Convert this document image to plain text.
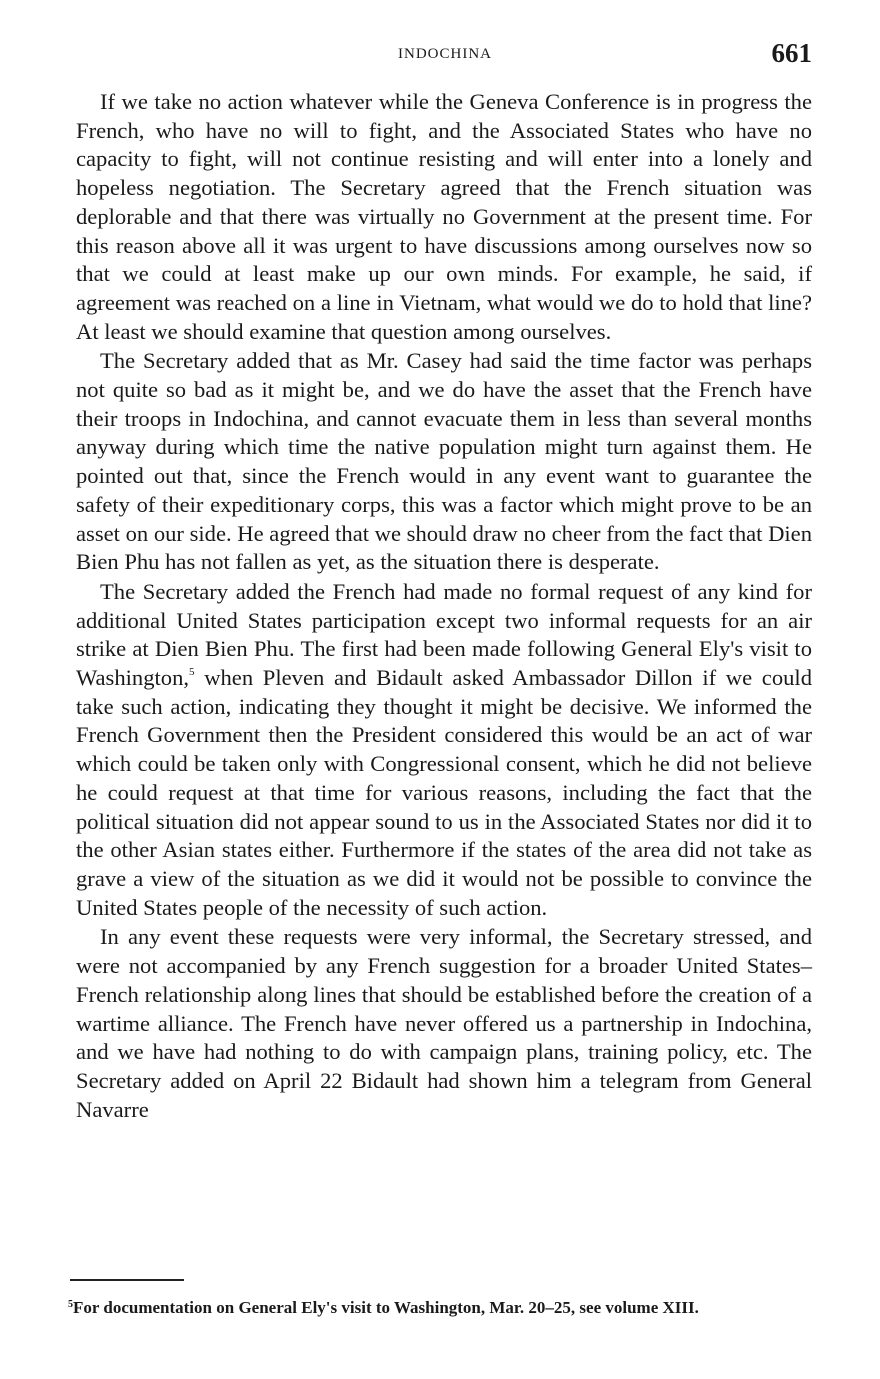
INDOCHINA	661

If we take no action whatever while the Geneva Conference is in progress the French, who have no will to fight, and the Associated States who have no capacity to fight, will not continue resisting and will enter into a lonely and hopeless negotiation. The Secretary agreed that the French situation was deplorable and that there was virtually no Government at the present time. For this reason above all it was urgent to have discussions among ourselves now so that we could at least make up our own minds. For example, he said, if agreement was reached on a line in Vietnam, what would we do to hold that line? At least we should examine that question among ourselves.

The Secretary added that as Mr. Casey had said the time factor was perhaps not quite so bad as it might be, and we do have the asset that the French have their troops in Indochina, and cannot evacuate them in less than several months anyway during which time the native population might turn against them. He pointed out that, since the French would in any event want to guarantee the safety of their expeditionary corps, this was a factor which might prove to be an asset on our side. He agreed that we should draw no cheer from the fact that Dien Bien Phu has not fallen as yet, as the situation there is desperate.

The Secretary added the French had made no formal request of any kind for additional United States participation except two informal requests for an air strike at Dien Bien Phu. The first had been made following General Ely's visit to Washington,$^5$ when Pleven and Bidault asked Ambassador Dillon if we could take such action, indicating they thought it might be decisive. We informed the French Government then the President considered this would be an act of war which could be taken only with Congressional consent, which he did not believe he could request at that time for various reasons, including the fact that the political situation did not appear sound to us in the Associated States nor did it to the other Asian states either. Furthermore if the states of the area did not take as grave a view of the situation as we did it would not be possible to convince the United States people of the necessity of such action.

In any event these requests were very informal, the Secretary stressed, and were not accompanied by any French suggestion for a broader United States–French relationship along lines that should be established before the creation of a wartime alliance. The French have never offered us a partnership in Indochina, and we have had nothing to do with campaign plans, training policy, etc. The Secretary added on April 22 Bidault had shown him a telegram from General Navarre

$^5$For documentation on General Ely's visit to Washington, Mar. 20–25, see volume XIII.
